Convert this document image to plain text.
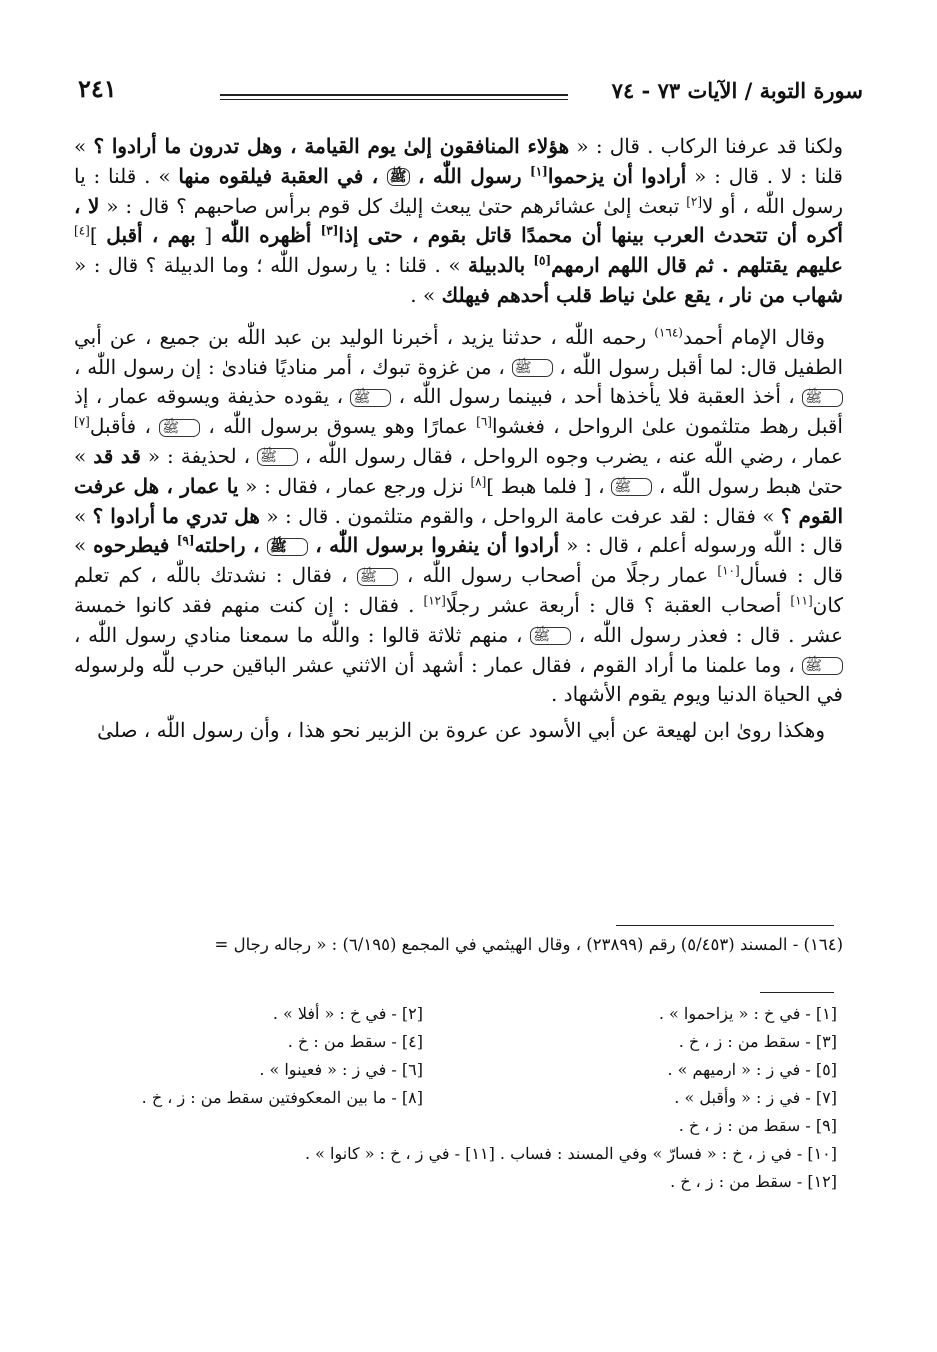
سورة التوبة / الآيات ٧٣ - ٧٤
٢٤١

ولكنا قد عرفنا الركاب . قال : « هؤلاء المنافقون إلىٰ يوم القيامة ، وهل تدرون ما أرادوا ؟ » قلنا : لا . قال : « أرادوا أن يزحموا[١] رسول اللّٰه ، ﷺ ، في العقبة فيلقوه منها » . قلنا : يا رسول اللّٰه ، أو لا[٢] تبعث إلىٰ عشائرهم حتىٰ يبعث إليك كل قوم برأس صاحبهم ؟ قال : « لا ، أكره أن تتحدث العرب بينها أن محمدًا قاتل بقوم ، حتى إذا[٣] أظهره اللّٰه [ بهم ، أقبل ][٤] عليهم يقتلهم . ثم قال اللهم ارمهم[٥] بالدبيلة » . قلنا : يا رسول اللّٰه ؛ وما الدبيلة ؟ قال : « شهاب من نار ، يقع علىٰ نياط قلب أحدهم فيهلك » .

وقال الإمام أحمد$^{(١٦٤)}$ رحمه اللّٰه ، حدثنا يزيد ، أخبرنا الوليد بن عبد اللّٰه بن جميع ، عن أبي الطفيل قال: لما أقبل رسول اللّٰه ، ﷺ ، من غزوة تبوك ، أمر مناديًا فنادىٰ : إن رسول اللّٰه ، ﷺ ، أخذ العقبة فلا يأخذها أحد ، فبينما رسول اللّٰه ، ﷺ ، يقوده حذيفة ويسوقه عمار ، إذ أقبل رهط متلثمون علىٰ الرواحل ، فغشوا[٦] عمارًا وهو يسوق برسول اللّٰه ، ﷺ ، فأقبل[٧] عمار ، رضي اللّٰه عنه ، يضرب وجوه الرواحل ، فقال رسول اللّٰه ، ﷺ ، لحذيفة : « قد قد » حتىٰ هبط رسول اللّٰه ، ﷺ ، [ فلما هبط ][٨] نزل ورجع عمار ، فقال : « يا عمار ، هل عرفت القوم ؟ » فقال : لقد عرفت عامة الرواحل ، والقوم متلثمون . قال : « هل تدري ما أرادوا ؟ » قال : اللّٰه ورسوله أعلم ، قال : « أرادوا أن ينفروا برسول اللّٰه ، ﷺ ، راحلته[٩] فيطرحوه » قال : فسأل[١٠] عمار رجلًا من أصحاب رسول اللّٰه ، ﷺ ، فقال : نشدتك باللّٰه ، كم تعلم كان[١١] أصحاب العقبة ؟ قال : أربعة عشر رجلًا[١٢] . فقال : إن كنت منهم فقد كانوا خمسة عشر . قال : فعذر رسول اللّٰه ، ﷺ ، منهم ثلاثة قالوا : واللّٰه ما سمعنا منادي رسول اللّٰه ، ﷺ ، وما علمنا ما أراد القوم ، فقال عمار : أشهد أن الاثني عشر الباقين حرب للّٰه ولرسوله في الحياة الدنيا ويوم يقوم الأشهاد .

وهكذا روىٰ ابن لهيعة عن أبي الأسود عن عروة بن الزبير نحو هذا ، وأن رسول اللّٰه ، صلىٰ

(١٦٤) - المسند (٥/٤٥٣) رقم (٢٣٨٩٩) ، وقال الهيثمي في المجمع (٦/١٩٥) : « رجاله رجال =
[١] - في خ : « يزاحموا » .
[٢] - في خ : « أفلا » .
[٣] - سقط من : ز ، خ .
[٤] - سقط من : خ .
[٥] - في ز : « ارميهم » .
[٦] - في ز : « فعينوا » .
[٧] - في ز : « وأقبل » .
[٨] - ما بين المعكوفتين سقط من : ز ، خ .
[٩] - سقط من : ز ، خ .
[١٠] - في ز ، خ : « فسارّ » وفي المسند : فساب . [١١] - في ز ، خ : « كانوا » .
[١٢] - سقط من : ز ، خ .
